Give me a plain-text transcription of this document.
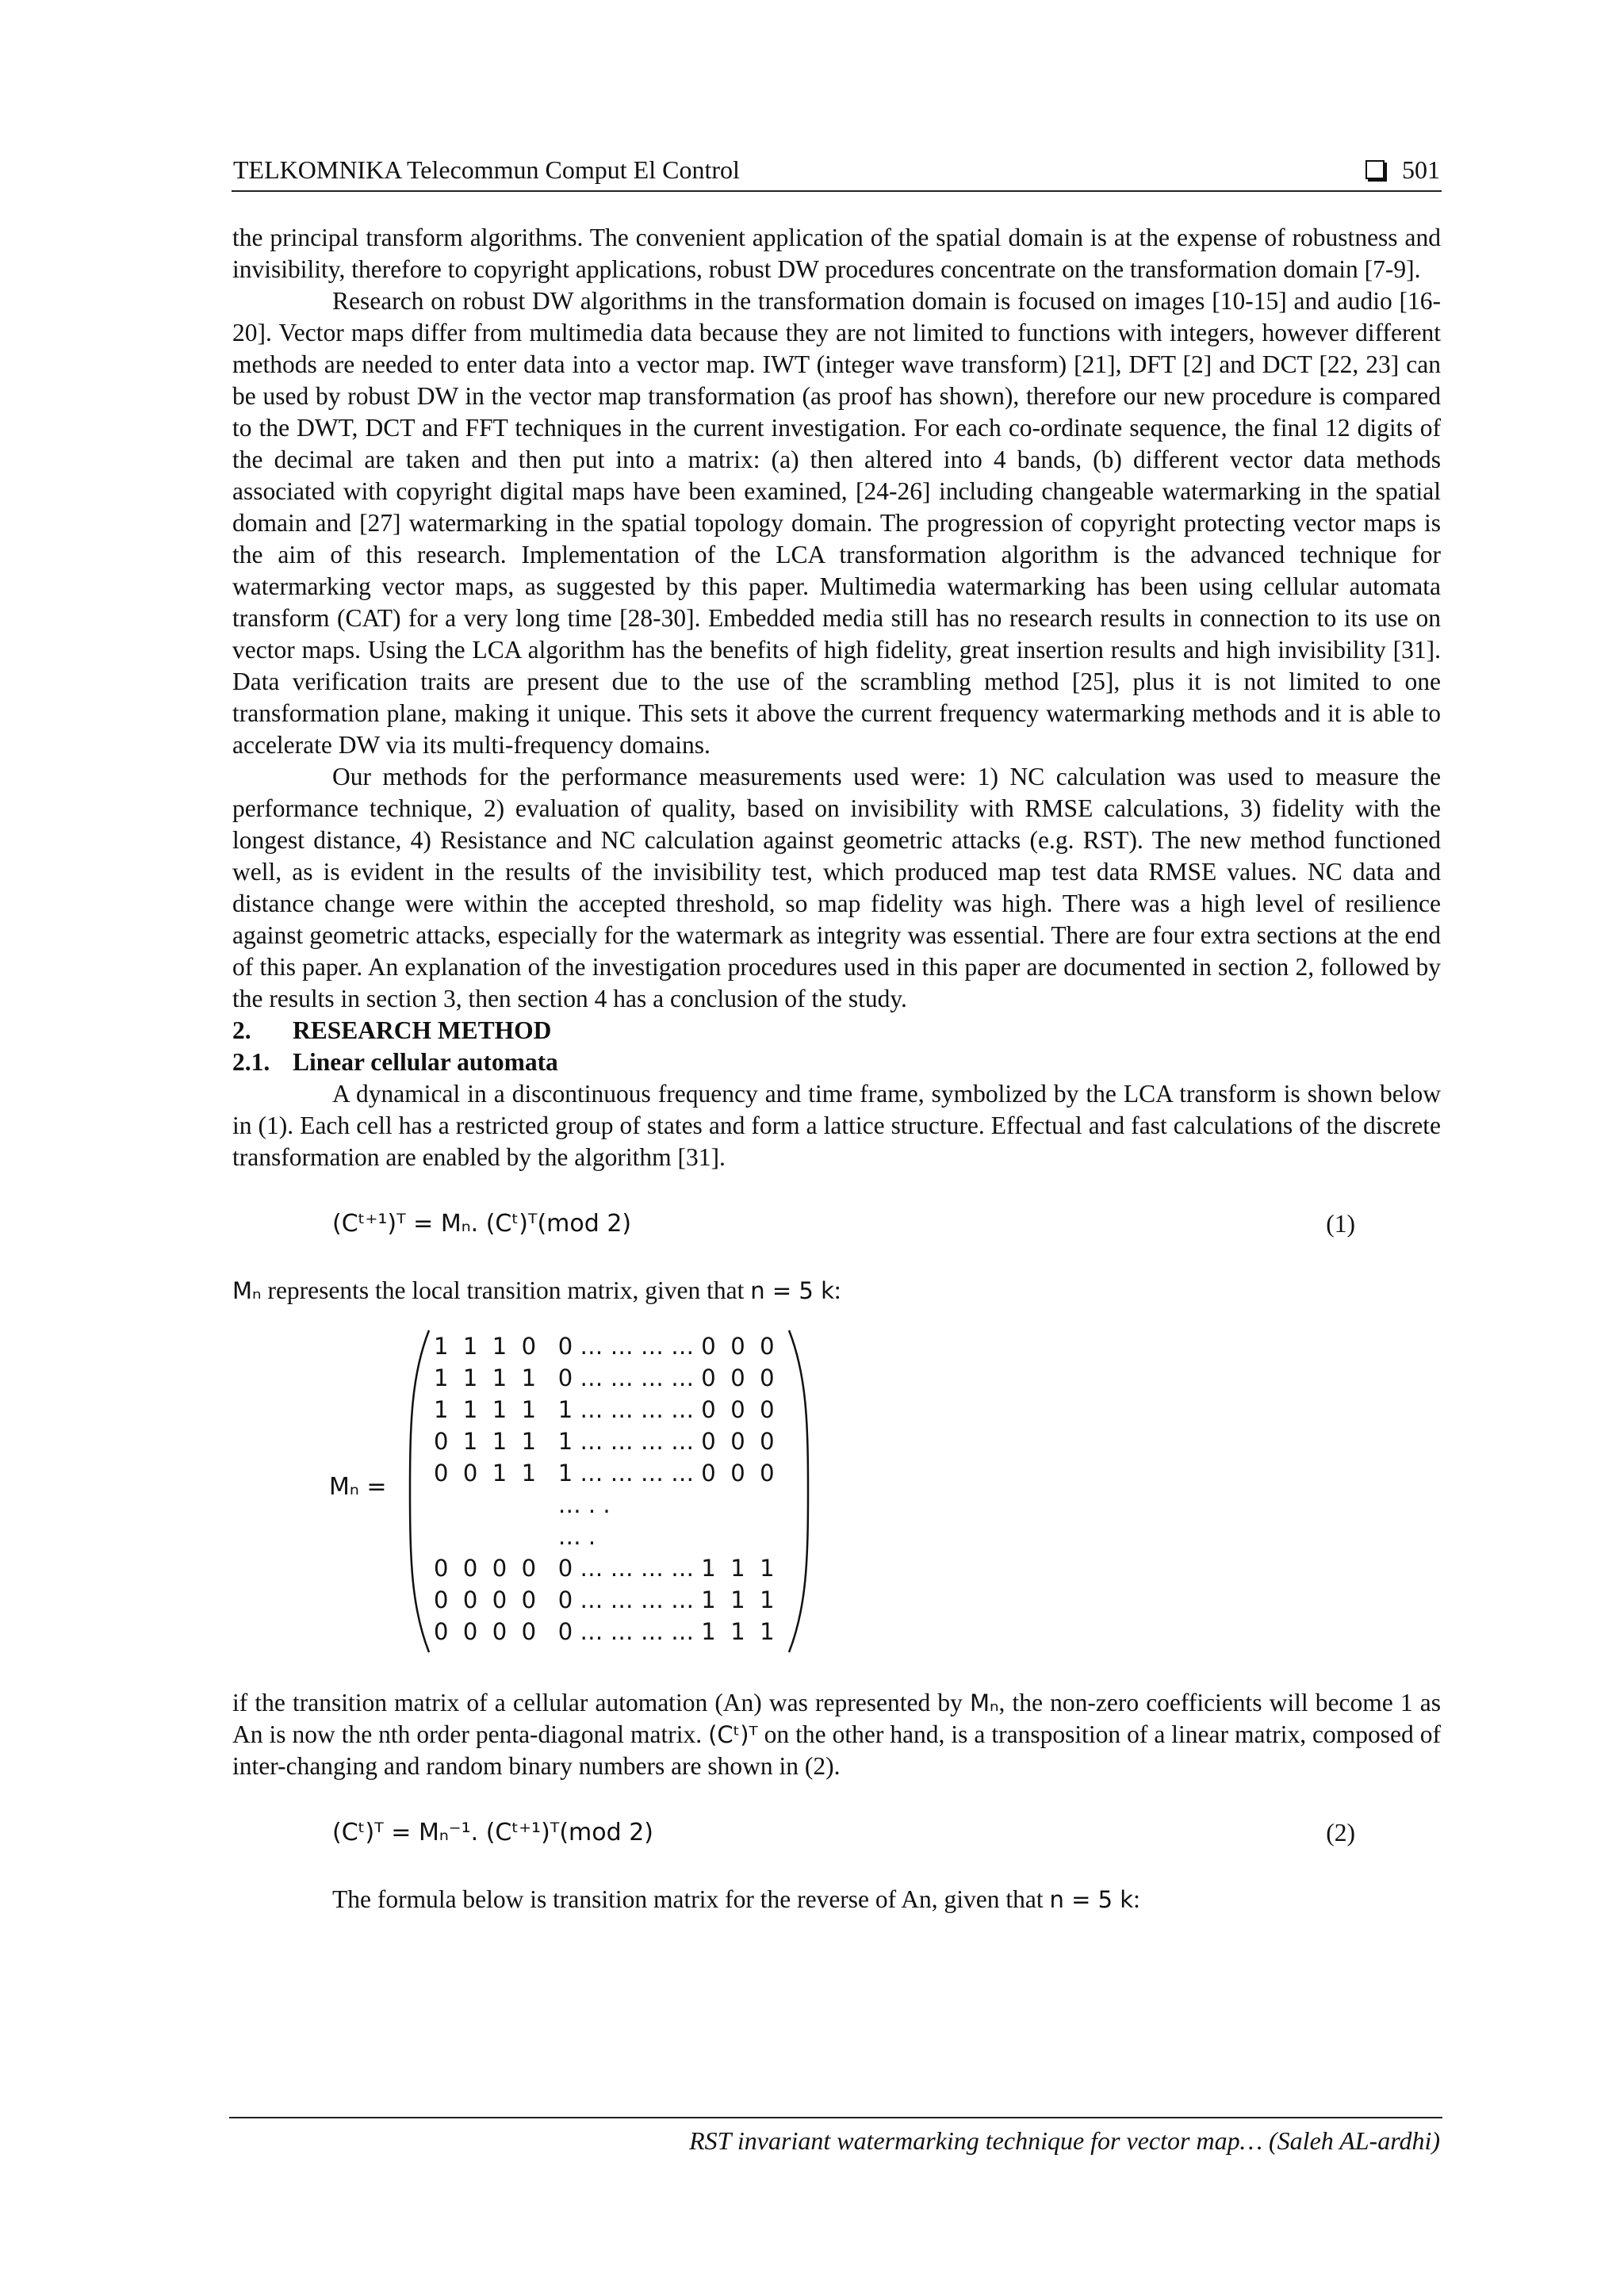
TELKOMNIKA Telecommun Comput El Control	501

the principal transform algorithms. The convenient application of the spatial domain is at the expense of robustness and invisibility, therefore to copyright applications, robust DW procedures concentrate on the transformation domain [7-9].

Research on robust DW algorithms in the transformation domain is focused on images [10-15] and audio [16-20]. Vector maps differ from multimedia data because they are not limited to functions with integers, however different methods are needed to enter data into a vector map. IWT (integer wave transform) [21], DFT [2] and DCT [22, 23] can be used by robust DW in the vector map transformation (as proof has shown), therefore our new procedure is compared to the DWT, DCT and FFT techniques in the current investigation. For each co-ordinate sequence, the final 12 digits of the decimal are taken and then put into a matrix: (a) then altered into 4 bands, (b) different vector data methods associated with copyright digital maps have been examined, [24-26] including changeable watermarking in the spatial domain and [27] watermarking in the spatial topology domain. The progression of copyright protecting vector maps is the aim of this research. Implementation of the LCA transformation algorithm is the advanced technique for watermarking vector maps, as suggested by this paper. Multimedia watermarking has been using cellular automata transform (CAT) for a very long time [28-30]. Embedded media still has no research results in connection to its use on vector maps. Using the LCA algorithm has the benefits of high fidelity, great insertion results and high invisibility [31]. Data verification traits are present due to the use of the scrambling method [25], plus it is not limited to one transformation plane, making it unique. This sets it above the current frequency watermarking methods and it is able to accelerate DW via its multi-frequency domains.

Our methods for the performance measurements used were: 1) NC calculation was used to measure the performance technique, 2) evaluation of quality, based on invisibility with RMSE calculations, 3) fidelity with the longest distance, 4) Resistance and NC calculation against geometric attacks (e.g. RST). The new method functioned well, as is evident in the results of the invisibility test, which produced map test data RMSE values. NC data and distance change were within the accepted threshold, so map fidelity was high. There was a high level of resilience against geometric attacks, especially for the watermark as integrity was essential. There are four extra sections at the end of this paper. An explanation of the investigation procedures used in this paper are documented in section 2, followed by the results in section 3, then section 4 has a conclusion of the study.

2. RESEARCH METHOD

2.1. Linear cellular automata

A dynamical in a discontinuous frequency and time frame, symbolized by the LCA transform is shown below in (1). Each cell has a restricted group of states and form a lattice structure. Effectual and fast calculations of the discrete transformation are enabled by the algorithm [31].

(Cᵗ⁺¹)ᵀ = Mₙ. (Cᵗ)ᵀ(mod 2)	(1)

Mₙ represents the local transition matrix, given that n = 5 k:

Mₙ =
1  1  1  0   0 … … … … 0  0  0
1  1  1  1   0 … … … … 0  0  0
1  1  1  1   1 … … … … 0  0  0
0  1  1  1   1 … … … … 0  0  0
0  0  1  1   1 … … … … 0  0  0
… . .
… .
0  0  0  0   0 … … … … 1  1  1
0  0  0  0   0 … … … … 1  1  1
0  0  0  0   0 … … … … 1  1  1

if the transition matrix of a cellular automation (An) was represented by Mₙ, the non-zero coefficients will become 1 as An is now the nth order penta-diagonal matrix. (Cᵗ)ᵀ on the other hand, is a transposition of a linear matrix, composed of inter-changing and random binary numbers are shown in (2).

(Cᵗ)ᵀ = Mₙ⁻¹. (Cᵗ⁺¹)ᵀ(mod 2)	(2)

The formula below is transition matrix for the reverse of An, given that n = 5 k:

RST invariant watermarking technique for vector map… (Saleh AL-ardhi)
